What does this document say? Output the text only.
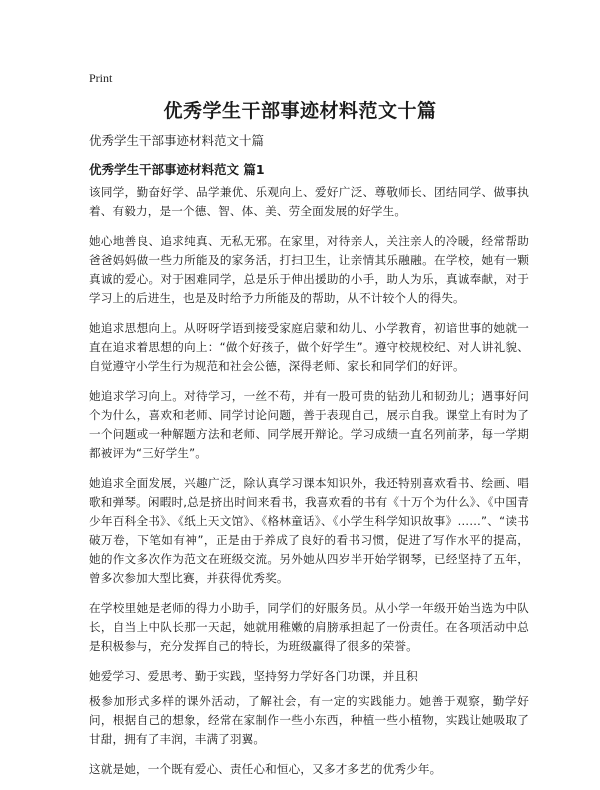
Print
优秀学生干部事迹材料范文十篇

优秀学生干部事迹材料范文十篇

优秀学生干部事迹材料范文 篇1

该同学，勤奋好学、品学兼优、乐观向上、爱好广泛、尊敬师长、团结同学、做事执着、有毅力，是一个德、智、体、美、劳全面发展的好学生。

她心地善良、追求纯真、无私无邪。在家里，对待亲人，关注亲人的冷暖，经常帮助爸爸妈妈做一些力所能及的家务活，打扫卫生，让亲情其乐融融。在学校，她有一颗真诚的爱心。对于困难同学，总是乐于伸出援助的小手，助人为乐，真诚奉献，对于学习上的后进生，也是及时给予力所能及的帮助，从不计较个人的得失。

她追求思想向上。从呀呀学语到接受家庭启蒙和幼儿、小学教育，初谙世事的她就一直在追求着思想的向上：“做个好孩子，做个好学生”。遵守校规校纪、对人讲礼貌、自觉遵守小学生行为规范和社会公德，深得老师、家长和同学们的好评。

她追求学习向上。对待学习，一丝不苟，并有一股可贵的钻劲儿和韧劲儿；遇事好问个为什么，喜欢和老师、同学讨论问题，善于表现自己，展示自我。课堂上有时为了一个问题或一种解题方法和老师、同学展开辩论。学习成绩一直名列前茅，每一学期都被评为“三好学生”。

她追求全面发展，兴趣广泛，除认真学习课本知识外，我还特别喜欢看书、绘画、唱歌和弹琴。闲暇时,总是挤出时间来看书，我喜欢看的书有《十万个为什么》、《中国青少年百科全书》、《纸上天文馆》、《格林童话》、《小学生科学知识故事》……”、“读书破万卷，下笔如有神”，正是由于养成了良好的看书习惯，促进了写作水平的提高，她的作文多次作为范文在班级交流。另外她从四岁半开始学钢琴，已经坚持了五年，曾多次参加大型比赛，并获得优秀奖。

在学校里她是老师的得力小助手，同学们的好服务员。从小学一年级开始当选为中队长，自当上中队长那一天起，她就用稚嫩的肩膀承担起了一份责任。在各项活动中总是积极参与，充分发挥自己的特长，为班级赢得了很多的荣誉。

她爱学习、爱思考、勤于实践，坚持努力学好各门功课，并且积

极参加形式多样的课外活动，了解社会，有一定的实践能力。她善于观察，勤学好问，根据自己的想象，经常在家制作一些小东西，种植一些小植物，实践让她吸取了甘甜，拥有了丰润，丰满了羽翼。

这就是她，一个既有爱心、责任心和恒心，又多才多艺的优秀少年。
